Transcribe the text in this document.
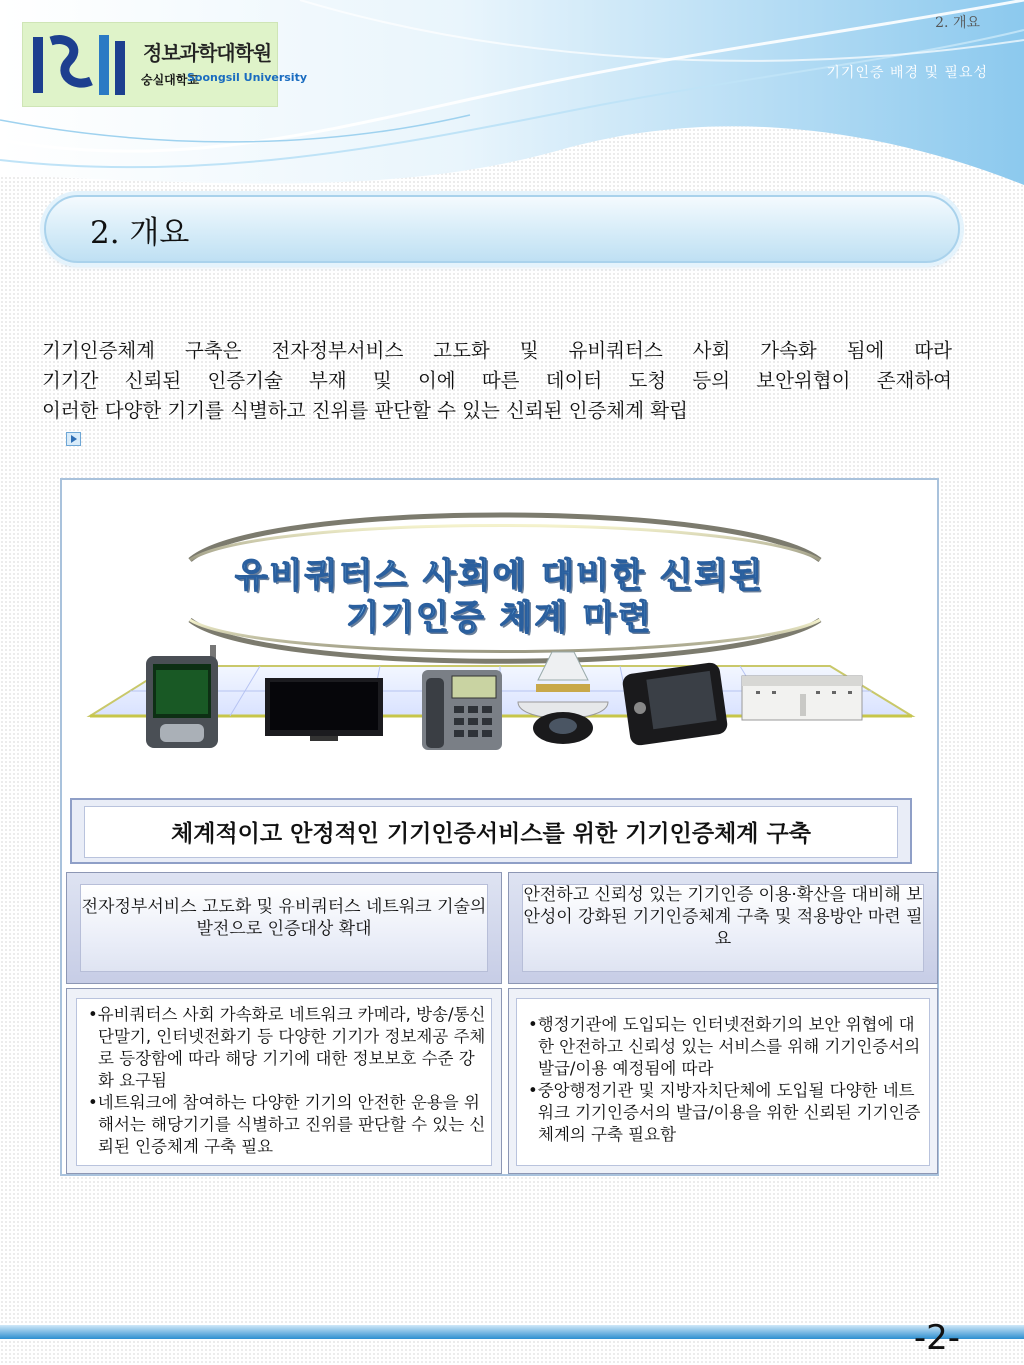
정보과학대학원
숭실대학교
Soongsil University
2. 개요
기기인증 배경 및 필요성
2. 개요

기기인증체계 구축은 전자정부서비스 고도화 및 유비쿼터스 사회 가속화 됨에 따라

기기간 신뢰된 인증기술 부재 및 이에 따른 데이터 도청 등의 보안위협이 존재하여

이러한 다양한 기기를 식별하고 진위를 판단할 수 있는 신뢰된 인증체계 확립

유비쿼터스 사회에 대비한 신뢰된
기기인증 체계 마련
체계적이고 안정적인 기기인증서비스를 위한 기기인증체계 구축
전자정부서비스 고도화 및 유비쿼터스 네트워크 기술의 발전으로 인증대상 확대
안전하고 신뢰성 있는 기기인증 이용·확산을 대비해 보안성이 강화된 기기인증체계 구축 및 적용방안 마련 필요
• 유비쿼터스 사회 가속화로 네트워크 카메라, 방송/통신단말기, 인터넷전화기 등 다양한 기기가 정보제공 주체로 등장함에 따라 해당 기기에 대한 정보보호 수준 강화 요구됨
• 네트워크에 참여하는 다양한 기기의 안전한 운용을 위해서는 해당기기를 식별하고 진위를 판단할 수 있는 신뢰된 인증체계 구축 필요
• 행정기관에 도입되는 인터넷전화기의 보안 위협에 대한 안전하고 신뢰성 있는 서비스를 위해 기기인증서의 발급/이용 예정됨에 따라
• 중앙행정기관 및 지방자치단체에 도입될 다양한 네트워크 기기인증서의 발급/이용을 위한 신뢰된 기기인증체계의 구축 필요함
-2-
